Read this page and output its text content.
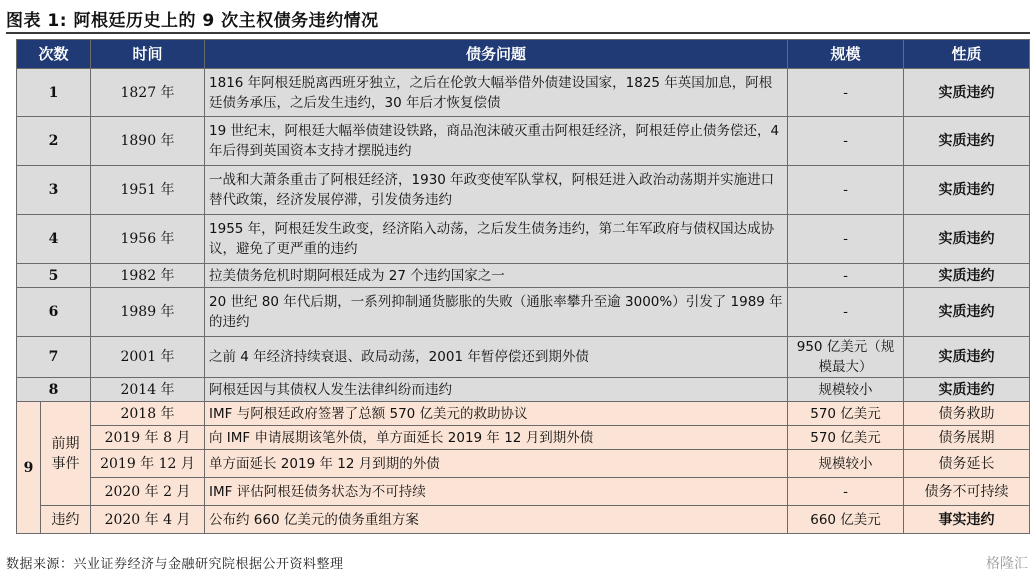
图表 1: 阿根廷历史上的 9 次主权债务违约情况
次数		时间	债务问题	规模	性质
1		1827 年	1816 年阿根廷脱离西班牙独立，之后在伦敦大幅举借外债建设国家，1825 年英国加息，阿根廷债务承压，之后发生违约，30 年后才恢复偿债	-	实质违约
2		1890 年	19 世纪末，阿根廷大幅举债建设铁路，商品泡沫破灭重击阿根廷经济，阿根廷停止债务偿还，4 年后得到英国资本支持才摆脱违约	-	实质违约
3		1951 年	一战和大萧条重击了阿根廷经济，1930 年政变使军队掌权，阿根廷进入政治动荡期并实施进口替代政策，经济发展停滞，引发债务违约	-	实质违约
4		1956 年	1955 年，阿根廷发生政变，经济陷入动荡，之后发生债务违约，第二年军政府与债权国达成协议，避免了更严重的违约	-	实质违约
5		1982 年	拉美债务危机时期阿根廷成为 27 个违约国家之一	-	实质违约
6		1989 年	20 世纪 80 年代后期，一系列抑制通货膨胀的失败（通胀率攀升至逾 3000%）引发了 1989 年的违约	-	实质违约
7		2001 年	之前 4 年经济持续衰退、政局动荡，2001 年暂停偿还到期外债	950 亿美元（规模最大）	实质违约
8		2014 年	阿根廷因与其债权人发生法律纠纷而违约	规模较小	实质违约
9	前期事件	2018 年	IMF 与阿根廷政府签署了总额 570 亿美元的救助协议	570 亿美元	债务救助
		2019 年 8 月	向 IMF 申请展期该笔外债，单方面延长 2019 年 12 月到期外债	570 亿美元	债务展期
		2019 年 12 月	单方面延长 2019 年 12 月到期的外债	规模较小	债务延长
		2020 年 2 月	IMF 评估阿根廷债务状态为不可持续	-	债务不可持续
	违约	2020 年 4 月	公布约 660 亿美元的债务重组方案	660 亿美元	事实违约
数据来源：兴业证券经济与金融研究院根据公开资料整理	格隆汇
